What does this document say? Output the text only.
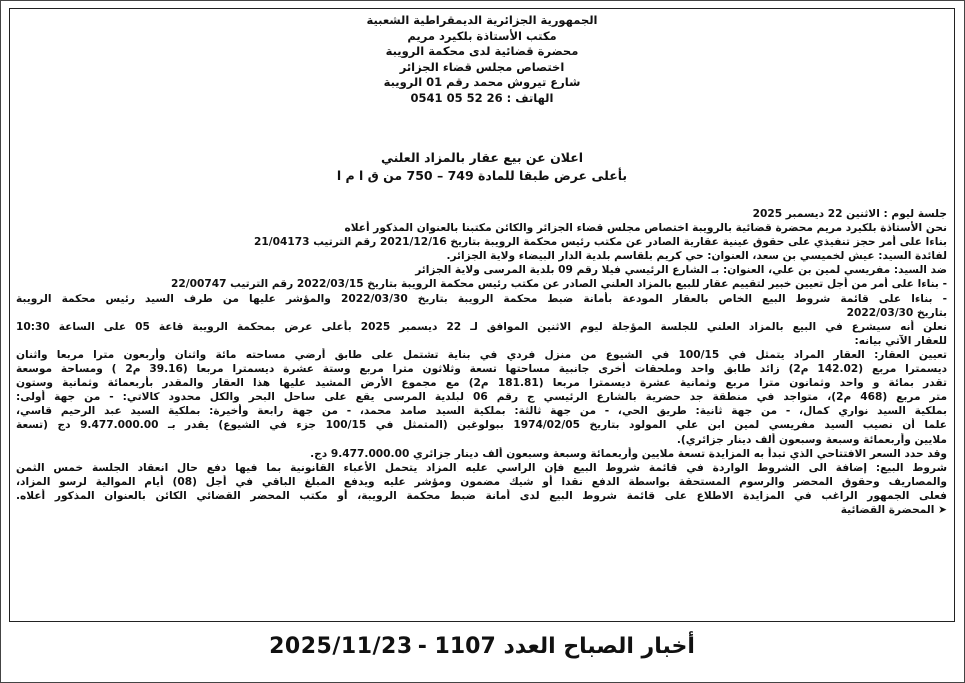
الجمهورية الجزائرية الديمقراطية الشعبية
مكتب الأستاذة بلكيرد مريم
محضرة قضائية لدى محكمة الرويبة
اختصاص مجلس قضاء الجزائر
شارع تيروش محمد رقم 01 الرويبة
الهاتف : 26 52 05 0541
اعلان عن بيع عقار بالمزاد العلني
بأعلى عرض طبقا للمادة 749 – 750 من ق ا م ا
جلسة ليوم : الاثنين 22 ديسمبر 2025
نحن الأستاذة بلكيرد مريم محضرة قضائية بالرويبة اختصاص مجلس قضاء الجزائر والكائن مكتبنا بالعنوان المذكور أعلاه
بناءا على أمر حجز تنفيذي على حقوق عينية عقارية الصادر عن مكتب رئيس محكمة الرويبة بتاريخ 2021/12/16 رقم الترتيب 21/04173
لفائدة السيد: عيش لخميسي بن سعد، العنوان: حي كريم بلقاسم بلدية الدار البيضاء ولاية الجزائر.
ضد السيد: مفريسي لمين بن علي، العنوان: بـ الشارع الرئيسي فيلا رقم 09 بلدية المرسى ولاية الجزائر
- بناءا على أمر من أجل تعيين خبير لتقييم عقار للبيع بالمزاد العلني الصادر عن مكتب رئيس محكمة الرويبة بتاريخ 2022/03/15 رقم الترتيب 22/00747
- بناءا على قائمة شروط البيع الخاص بالعقار المودعة بأمانة ضبط محكمة الرويبة بتاريخ 2022/03/30 والمؤشر عليها من طرف السيد رئيس محكمة الرويبة
بتاريخ 2022/03/30
نعلن أنه سيشرع في البيع بالمزاد العلني للجلسة المؤجلة ليوم الاثنين الموافق لـ 22 ديسمبر 2025 بأعلى عرض بمحكمة الرويبة قاعة 05 على الساعة 10:30
للعقار الآتي بيانه:
تعيين العقار: العقار المراد يتمثل في 100/15 في الشيوع من منزل فردي في بناية تشتمل على طابق أرضي مساحته مائة واثنان وأربعون مترا مربعا واثنان
ديسمترا مربع (142.02 م2) زائد طابق واحد وملحقات أخرى جانبية مساحتها تسعة وثلاثون مترا مربع وستة عشرة ديسمترا مربعا (39.16 م2 ) ومساحة موسعة
تقدر بمائة و واحد وثمانون مترا مربع وثمانية عشرة ديسمترا مربعا (181.81 م2) مع مجموع الأرض المشيد عليها هذا العقار والمقدر بأربعمائة وثمانية وستون
متر مربع (468 م2)، متواجد في منطقة جد حضرية بالشارع الرئيسي ج رقم 06 لبلدية المرسى يقع على ساحل البحر والكل محدود كالاتي: - من جهة أولى:
بملكية السيد نواري كمال، - من جهة ثانية: طريق الحي، - من جهة ثالثة: بملكية السيد صامد محمد، - من جهة رابعة وأخيرة: بملكية السيد عبد الرحيم قاسي،
علما أن نصيب السيد مفريسي لمين ابن علي المولود بتاريخ 1974/02/05 ببولوغين (المتمثل في 100/15 جزء في الشيوع) يقدر بـ 9.477.000.00 دج (تسعة
ملايين وأربعمائة وسبعة وسبعون ألف دينار جزائري).
وقد حدد السعر الافتتاحي الذي تبدأ به المزايدة تسعة ملايين وأربعمائة وسبعة وسبعون ألف دينار جزائري 9.477.000.00 دج.
شروط البيع: إضافة الى الشروط الواردة في قائمة شروط البيع فإن الراسي عليه المزاد يتحمل الأعباء القانونية بما فيها دفع حال انعقاد الجلسة خمس الثمن
والمصاريف وحقوق المحضر والرسوم المستحقة بواسطة الدفع نقدا أو شيك مضمون ومؤشر عليه ويدفع المبلغ الباقي في أجل (08) أيام الموالية لرسو المزاد،
فعلى الجمهور الراغب في المزايدة الاطلاع على قائمة شروط البيع لدى أمانة ضبط محكمة الرويبة، أو مكتب المحضر القضائي الكائن بالعنوان المذكور أعلاه.
➤ المحضرة القضائية
أخبار الصباح العدد 1107 - 2025/11/23
